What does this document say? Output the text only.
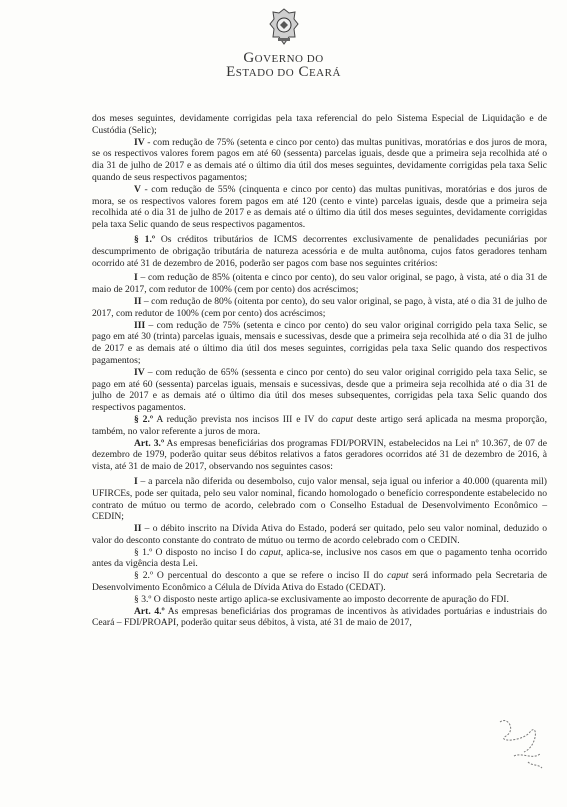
GOVERNO DO
ESTADO DO CEARÁ

dos meses seguintes, devidamente corrigidas pela taxa referencial do pelo Sistema Especial de Liquidação e de Custódia (Selic);

IV - com redução de 75% (setenta e cinco por cento) das multas punitivas, moratórias e dos juros de mora, se os respectivos valores forem pagos em até 60 (sessenta) parcelas iguais, desde que a primeira seja recolhida até o dia 31 de julho de 2017 e as demais até o último dia útil dos meses seguintes, devidamente corrigidas pela taxa Selic quando de seus respectivos pagamentos;

V - com redução de 55% (cinquenta e cinco por cento) das multas punitivas, moratórias e dos juros de mora, se os respectivos valores forem pagos em até 120 (cento e vinte) parcelas iguais, desde que a primeira seja recolhida até o dia 31 de julho de 2017 e as demais até o último dia útil dos meses seguintes, devidamente corrigidas pela taxa Selic quando de seus respectivos pagamentos.

§ 1.º Os créditos tributários de ICMS decorrentes exclusivamente de penalidades pecuniárias por descumprimento de obrigação tributária de natureza acessória e de multa autônoma, cujos fatos geradores tenham ocorrido até 31 de dezembro de 2016, poderão ser pagos com base nos seguintes critérios:

I – com redução de 85% (oitenta e cinco por cento), do seu valor original, se pago, à vista, até o dia 31 de maio de 2017, com redutor de 100% (cem por cento) dos acréscimos;

II – com redução de 80% (oitenta por cento), do seu valor original, se pago, à vista, até o dia 31 de julho de 2017, com redutor de 100% (cem por cento) dos acréscimos;

III – com redução de 75% (setenta e cinco por cento) do seu valor original corrigido pela taxa Selic, se pago em até 30 (trinta) parcelas iguais, mensais e sucessivas, desde que a primeira seja recolhida até o dia 31 de julho de 2017 e as demais até o último dia útil dos meses seguintes, corrigidas pela taxa Selic quando dos respectivos pagamentos;

IV – com redução de 65% (sessenta e cinco por cento) do seu valor original corrigido pela taxa Selic, se pago em até 60 (sessenta) parcelas iguais, mensais e sucessivas, desde que a primeira seja recolhida até o dia 31 de julho de 2017 e as demais até o último dia útil dos meses subsequentes, corrigidas pela taxa Selic quando dos respectivos pagamentos.

§ 2.º A redução prevista nos incisos III e IV do caput deste artigo será aplicada na mesma proporção, também, no valor referente a juros de mora.

Art. 3.º As empresas beneficiárias dos programas FDI/PORVIN, estabelecidos na Lei nº 10.367, de 07 de dezembro de 1979, poderão quitar seus débitos relativos a fatos geradores ocorridos até 31 de dezembro de 2016, à vista, até 31 de maio de 2017, observando nos seguintes casos:

I – a parcela não diferida ou desembolso, cujo valor mensal, seja igual ou inferior a 40.000 (quarenta mil) UFIRCEs, pode ser quitada, pelo seu valor nominal, ficando homologado o benefício correspondente estabelecido no contrato de mútuo ou termo de acordo, celebrado com o Conselho Estadual de Desenvolvimento Econômico – CEDIN;

II – o débito inscrito na Dívida Ativa do Estado, poderá ser quitado, pelo seu valor nominal, deduzido o valor do desconto constante do contrato de mútuo ou termo de acordo celebrado com o CEDIN.

§ 1.º O disposto no inciso I do caput, aplica-se, inclusive nos casos em que o pagamento tenha ocorrido antes da vigência desta Lei.

§ 2.º O percentual do desconto a que se refere o inciso II do caput será informado pela Secretaria de Desenvolvimento Econômico a Célula de Dívida Ativa do Estado (CEDAT).

§ 3.º O disposto neste artigo aplica-se exclusivamente ao imposto decorrente de apuração do FDI.

Art. 4.º As empresas beneficiárias dos programas de incentivos às atividades portuárias e industriais do Ceará – FDI/PROAPI, poderão quitar seus débitos, à vista, até 31 de maio de 2017,
